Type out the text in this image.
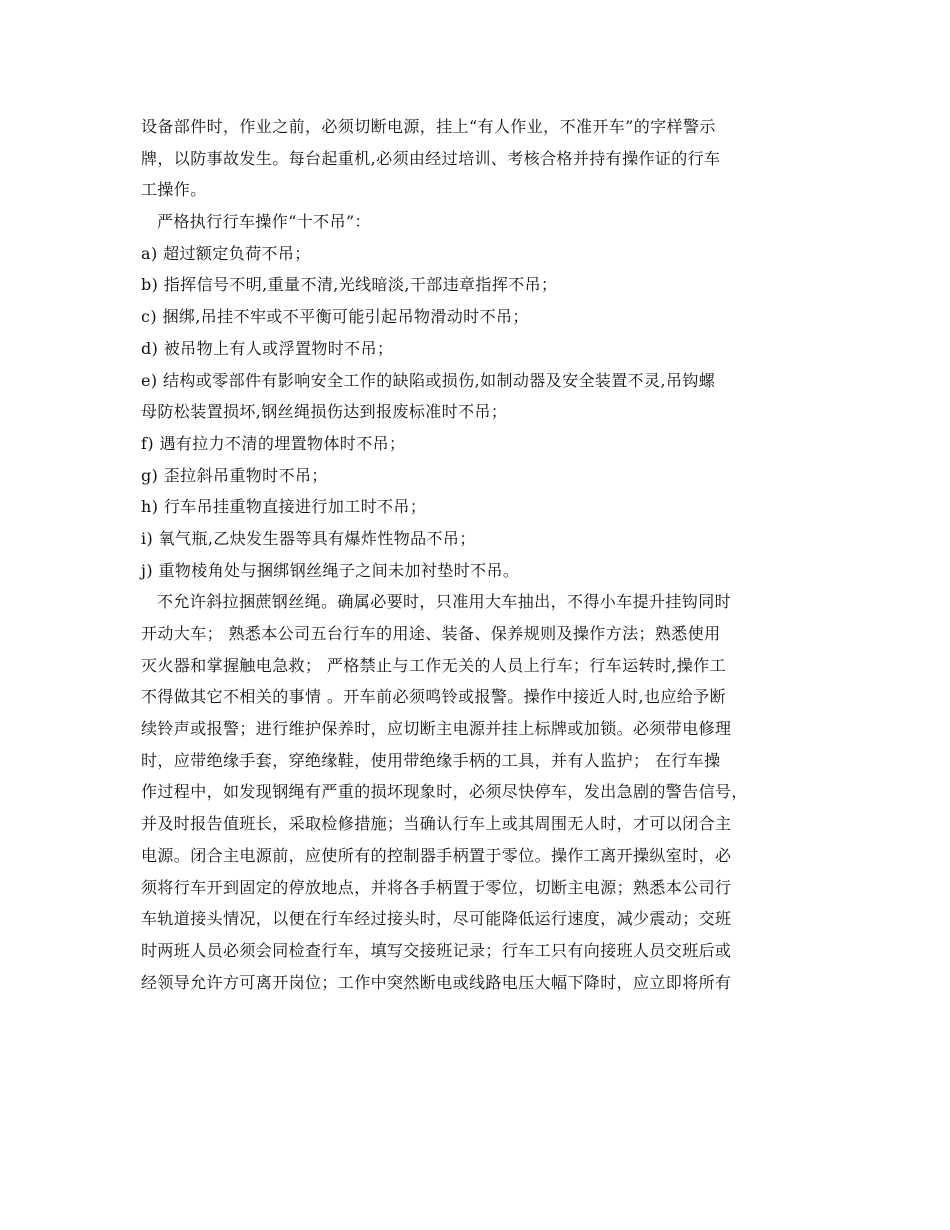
设备部件时，作业之前，必须切断电源，挂上“有人作业，不准开车”的字样警示
牌，以防事故发生。每台起重机,必须由经过培训、考核合格并持有操作证的行车
工操作。
严格执行行车操作“十不吊”：
a) 超过额定负荷不吊；
b) 指挥信号不明,重量不清,光线暗淡,干部违章指挥不吊；
c) 捆绑,吊挂不牢或不平衡可能引起吊物滑动时不吊；
d) 被吊物上有人或浮置物时不吊；
e) 结构或零部件有影响安全工作的缺陷或损伤,如制动器及安全装置不灵,吊钩螺
母防松装置损坏,钢丝绳损伤达到报废标准时不吊；
f) 遇有拉力不清的埋置物体时不吊；
g) 歪拉斜吊重物时不吊；
h) 行车吊挂重物直接进行加工时不吊；
i) 氧气瓶,乙炔发生器等具有爆炸性物品不吊；
j) 重物棱角处与捆绑钢丝绳子之间未加衬垫时不吊。
不允许斜拉捆蔗钢丝绳。确属必要时，只准用大车抽出，不得小车提升挂钩同时
开动大车； 熟悉本公司五台行车的用途、装备、保养规则及操作方法；熟悉使用
灭火器和掌握触电急救； 严格禁止与工作无关的人员上行车；行车运转时,操作工
不得做其它不相关的事情 。开车前必须鸣铃或报警。操作中接近人时,也应给予断
续铃声或报警；进行维护保养时，应切断主电源并挂上标牌或加锁。必须带电修理
时，应带绝缘手套，穿绝缘鞋，使用带绝缘手柄的工具，并有人监护； 在行车操
作过程中，如发现钢绳有严重的损坏现象时，必须尽快停车，发出急剧的警告信号，
并及时报告值班长，采取检修措施；当确认行车上或其周围无人时，才可以闭合主
电源。闭合主电源前，应使所有的控制器手柄置于零位。操作工离开操纵室时，必
须将行车开到固定的停放地点，并将各手柄置于零位，切断主电源；熟悉本公司行
车轨道接头情况，以便在行车经过接头时，尽可能降低运行速度，减少震动；交班
时两班人员必须会同检查行车，填写交接班记录；行车工只有向接班人员交班后或
经领导允许方可离开岗位；工作中突然断电或线路电压大幅下降时，应立即将所有
